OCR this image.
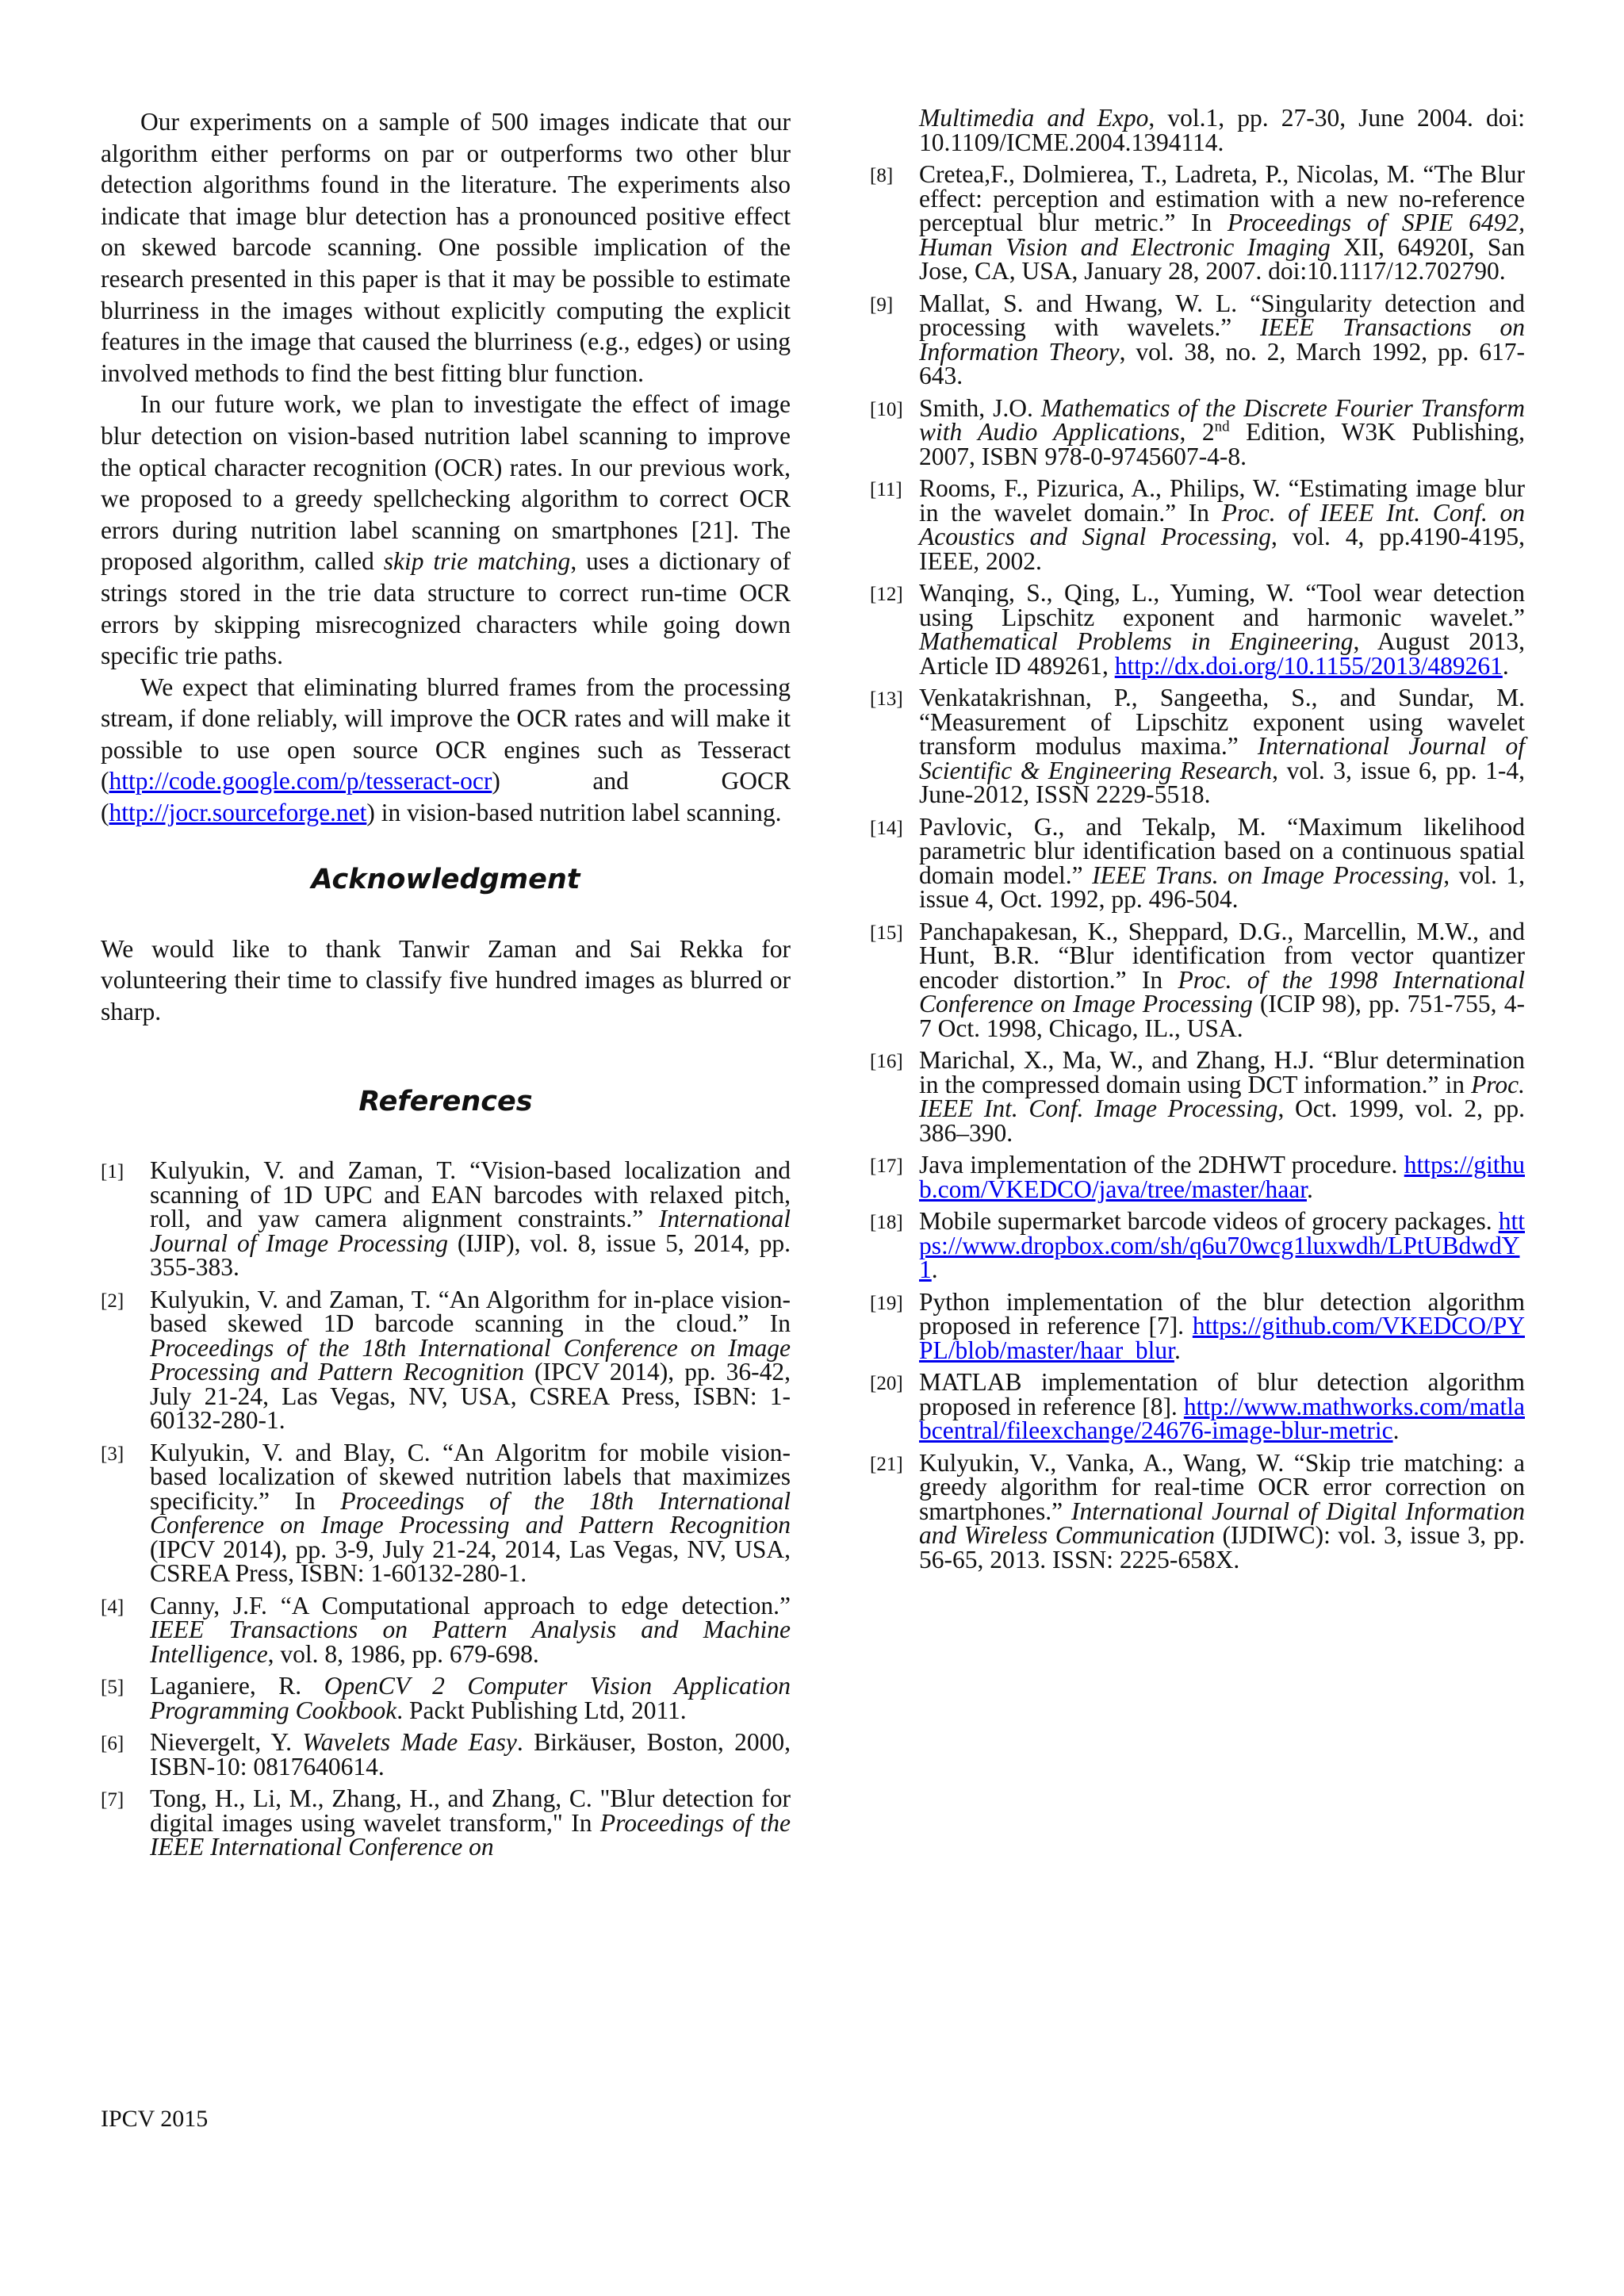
Our experiments on a sample of 500 images indicate that our algorithm either performs on par or outperforms two other blur detection algorithms found in the literature. The experiments also indicate that image blur detection has a pronounced positive effect on skewed barcode scanning. One possible implication of the research presented in this paper is that it may be possible to estimate blurriness in the images without explicitly computing the explicit features in the image that caused the blurriness (e.g., edges) or using involved methods to find the best fitting blur function.

In our future work, we plan to investigate the effect of image blur detection on vision-based nutrition label scanning to improve the optical character recognition (OCR) rates. In our previous work, we proposed to a greedy spellchecking algorithm to correct OCR errors during nutrition label scanning on smartphones [21]. The proposed algorithm, called skip trie matching, uses a dictionary of strings stored in the trie data structure to correct run-time OCR errors by skipping misrecognized characters while going down specific trie paths.

We expect that eliminating blurred frames from the processing stream, if done reliably, will improve the OCR rates and will make it possible to use open source OCR engines such as Tesseract (http://code.google.com/p/tesseract-ocr) and GOCR (http://jocr.sourceforge.net) in vision-based nutrition label scanning.

Acknowledgment

We would like to thank Tanwir Zaman and Sai Rekka for volunteering their time to classify five hundred images as blurred or sharp.

References
[1]	Kulyukin, V. and Zaman, T. “Vision-based localization and scanning of 1D UPC and EAN barcodes with relaxed pitch, roll, and yaw camera alignment constraints.” International Journal of Image Processing (IJIP), vol. 8, issue 5, 2014, pp. 355-383.
[2]	Kulyukin, V. and Zaman, T. “An Algorithm for in-place vision-based skewed 1D barcode scanning in the cloud.” In Proceedings of the 18th International Conference on Image Processing and Pattern Recognition (IPCV 2014), pp. 36-42, July 21-24, Las Vegas, NV, USA, CSREA Press, ISBN: 1-60132-280-1.
[3]	Kulyukin, V. and Blay, C. “An Algoritm for mobile vision-based localization of skewed nutrition labels that maximizes specificity.” In Proceedings of the 18th International Conference on Image Processing and Pattern Recognition (IPCV 2014), pp. 3-9, July 21-24, 2014, Las Vegas, NV, USA, CSREA Press, ISBN: 1-60132-280-1.
[4]	Canny, J.F. “A Computational approach to edge detection.” IEEE Transactions on Pattern Analysis and Machine Intelligence, vol. 8, 1986, pp. 679-698.
[5]	Laganiere, R. OpenCV 2 Computer Vision Application Programming Cookbook. Packt Publishing Ltd, 2011.
[6]	Nievergelt, Y. Wavelets Made Easy. Birkäuser, Boston, 2000, ISBN-10: 0817640614.
[7]	Tong, H., Li, M., Zhang, H., and Zhang, C. "Blur detection for digital images using wavelet transform," In Proceedings of the IEEE International Conference on

Multimedia and Expo, vol.1, pp. 27-30, June 2004. doi: 10.1109/ICME.2004.1394114.

[8]	Cretea,F., Dolmierea, T., Ladreta, P., Nicolas, M. “The Blur effect: perception and estimation with a new no-reference perceptual blur metric.” In Proceedings of SPIE 6492, Human Vision and Electronic Imaging XII, 64920I, San Jose, CA, USA, January 28, 2007. doi:10.1117/12.702790.
[9]	Mallat, S. and Hwang, W. L. “Singularity detection and processing with wavelets.” IEEE Transactions on Information Theory, vol. 38, no. 2, March 1992, pp. 617-643.
[10] Smith, J.O. Mathematics of the Discrete Fourier Transform with Audio Applications, 2nd Edition, W3K Publishing, 2007, ISBN 978-0-9745607-4-8.
[11] Rooms, F., Pizurica, A., Philips, W. “Estimating image blur in the wavelet domain.” In Proc. of IEEE Int. Conf. on Acoustics and Signal Processing, vol. 4, pp.4190-4195, IEEE, 2002.
[12] Wanqing, S., Qing, L., Yuming, W. “Tool wear detection using Lipschitz exponent and harmonic wavelet.” Mathematical Problems in Engineering, August 2013, Article ID 489261, http://dx.doi.org/10.1155/2013/489261.
[13] Venkatakrishnan, P., Sangeetha, S., and Sundar, M. “Measurement of Lipschitz exponent using wavelet transform modulus maxima.” International Journal of Scientific & Engineering Research, vol. 3, issue 6, pp. 1-4, June-2012, ISSN 2229-5518.
[14] Pavlovic, G., and Tekalp, M. “Maximum likelihood parametric blur identification based on a continuous spatial domain model.” IEEE Trans. on Image Processing, vol. 1, issue 4, Oct. 1992, pp. 496-504.
[15] Panchapakesan, K., Sheppard, D.G., Marcellin, M.W., and Hunt, B.R. “Blur identification from vector quantizer encoder distortion.” In Proc. of the 1998 International Conference on Image Processing (ICIP 98), pp. 751-755, 4-7 Oct. 1998, Chicago, IL., USA.
[16] Marichal, X., Ma, W., and Zhang, H.J. “Blur determination in the compressed domain using DCT information.” in Proc. IEEE Int. Conf. Image Processing, Oct. 1999, vol. 2, pp. 386–390.
[17] Java implementation of the 2DHWT procedure. https://github.com/VKEDCO/java/tree/master/haar.
[18] Mobile supermarket barcode videos of grocery packages. https://www.dropbox.com/sh/q6u70wcg1luxwdh/LPtUBdwdY1.
[19] Python implementation of the blur detection algorithm proposed in reference [7]. https://github.com/VKEDCO/PYPL/blob/master/haar_blur.
[20] MATLAB implementation of blur detection algorithm proposed in reference [8]. http://www.mathworks.com/matlabcentral/fileexchange/24676-image-blur-metric.
[21] Kulyukin, V., Vanka, A., Wang, W. “Skip trie matching: a greedy algorithm for real-time OCR error correction on smartphones.” International Journal of Digital Information and Wireless Communication (IJDIWC): vol. 3, issue 3, pp. 56-65, 2013. ISSN: 2225-658X.
IPCV 2015
